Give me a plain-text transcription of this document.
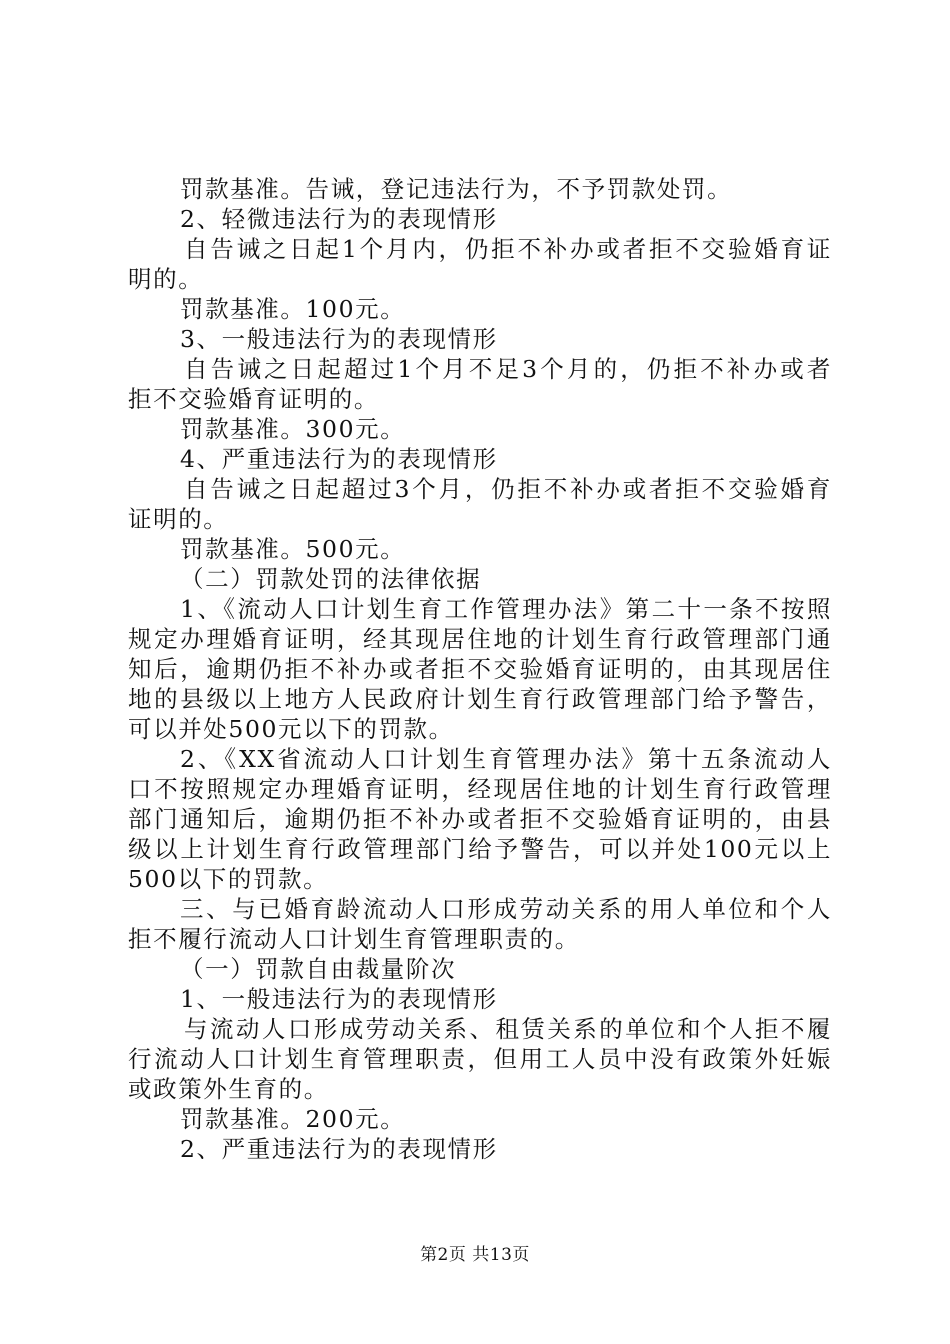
罚款基准。告诫，登记违法行为，不予罚款处罚。
2、轻微违法行为的表现情形
自告诫之日起1个月内，仍拒不补办或者拒不交验婚育证
明的。
罚款基准。100元。
3、一般违法行为的表现情形
自告诫之日起超过1个月不足3个月的，仍拒不补办或者
拒不交验婚育证明的。
罚款基准。300元。
4、严重违法行为的表现情形
自告诫之日起超过3个月，仍拒不补办或者拒不交验婚育
证明的。
罚款基准。500元。
（二）罚款处罚的法律依据
1、《流动人口计划生育工作管理办法》第二十一条不按照
规定办理婚育证明，经其现居住地的计划生育行政管理部门通
知后，逾期仍拒不补办或者拒不交验婚育证明的，由其现居住
地的县级以上地方人民政府计划生育行政管理部门给予警告，
可以并处500元以下的罚款。
2、《XX省流动人口计划生育管理办法》第十五条流动人
口不按照规定办理婚育证明，经现居住地的计划生育行政管理
部门通知后，逾期仍拒不补办或者拒不交验婚育证明的，由县
级以上计划生育行政管理部门给予警告，可以并处100元以上
500以下的罚款。
三、与已婚育龄流动人口形成劳动关系的用人单位和个人
拒不履行流动人口计划生育管理职责的。
（一）罚款自由裁量阶次
1、一般违法行为的表现情形
与流动人口形成劳动关系、租赁关系的单位和个人拒不履
行流动人口计划生育管理职责，但用工人员中没有政策外妊娠
或政策外生育的。
罚款基准。200元。
2、严重违法行为的表现情形
第2页 共13页
